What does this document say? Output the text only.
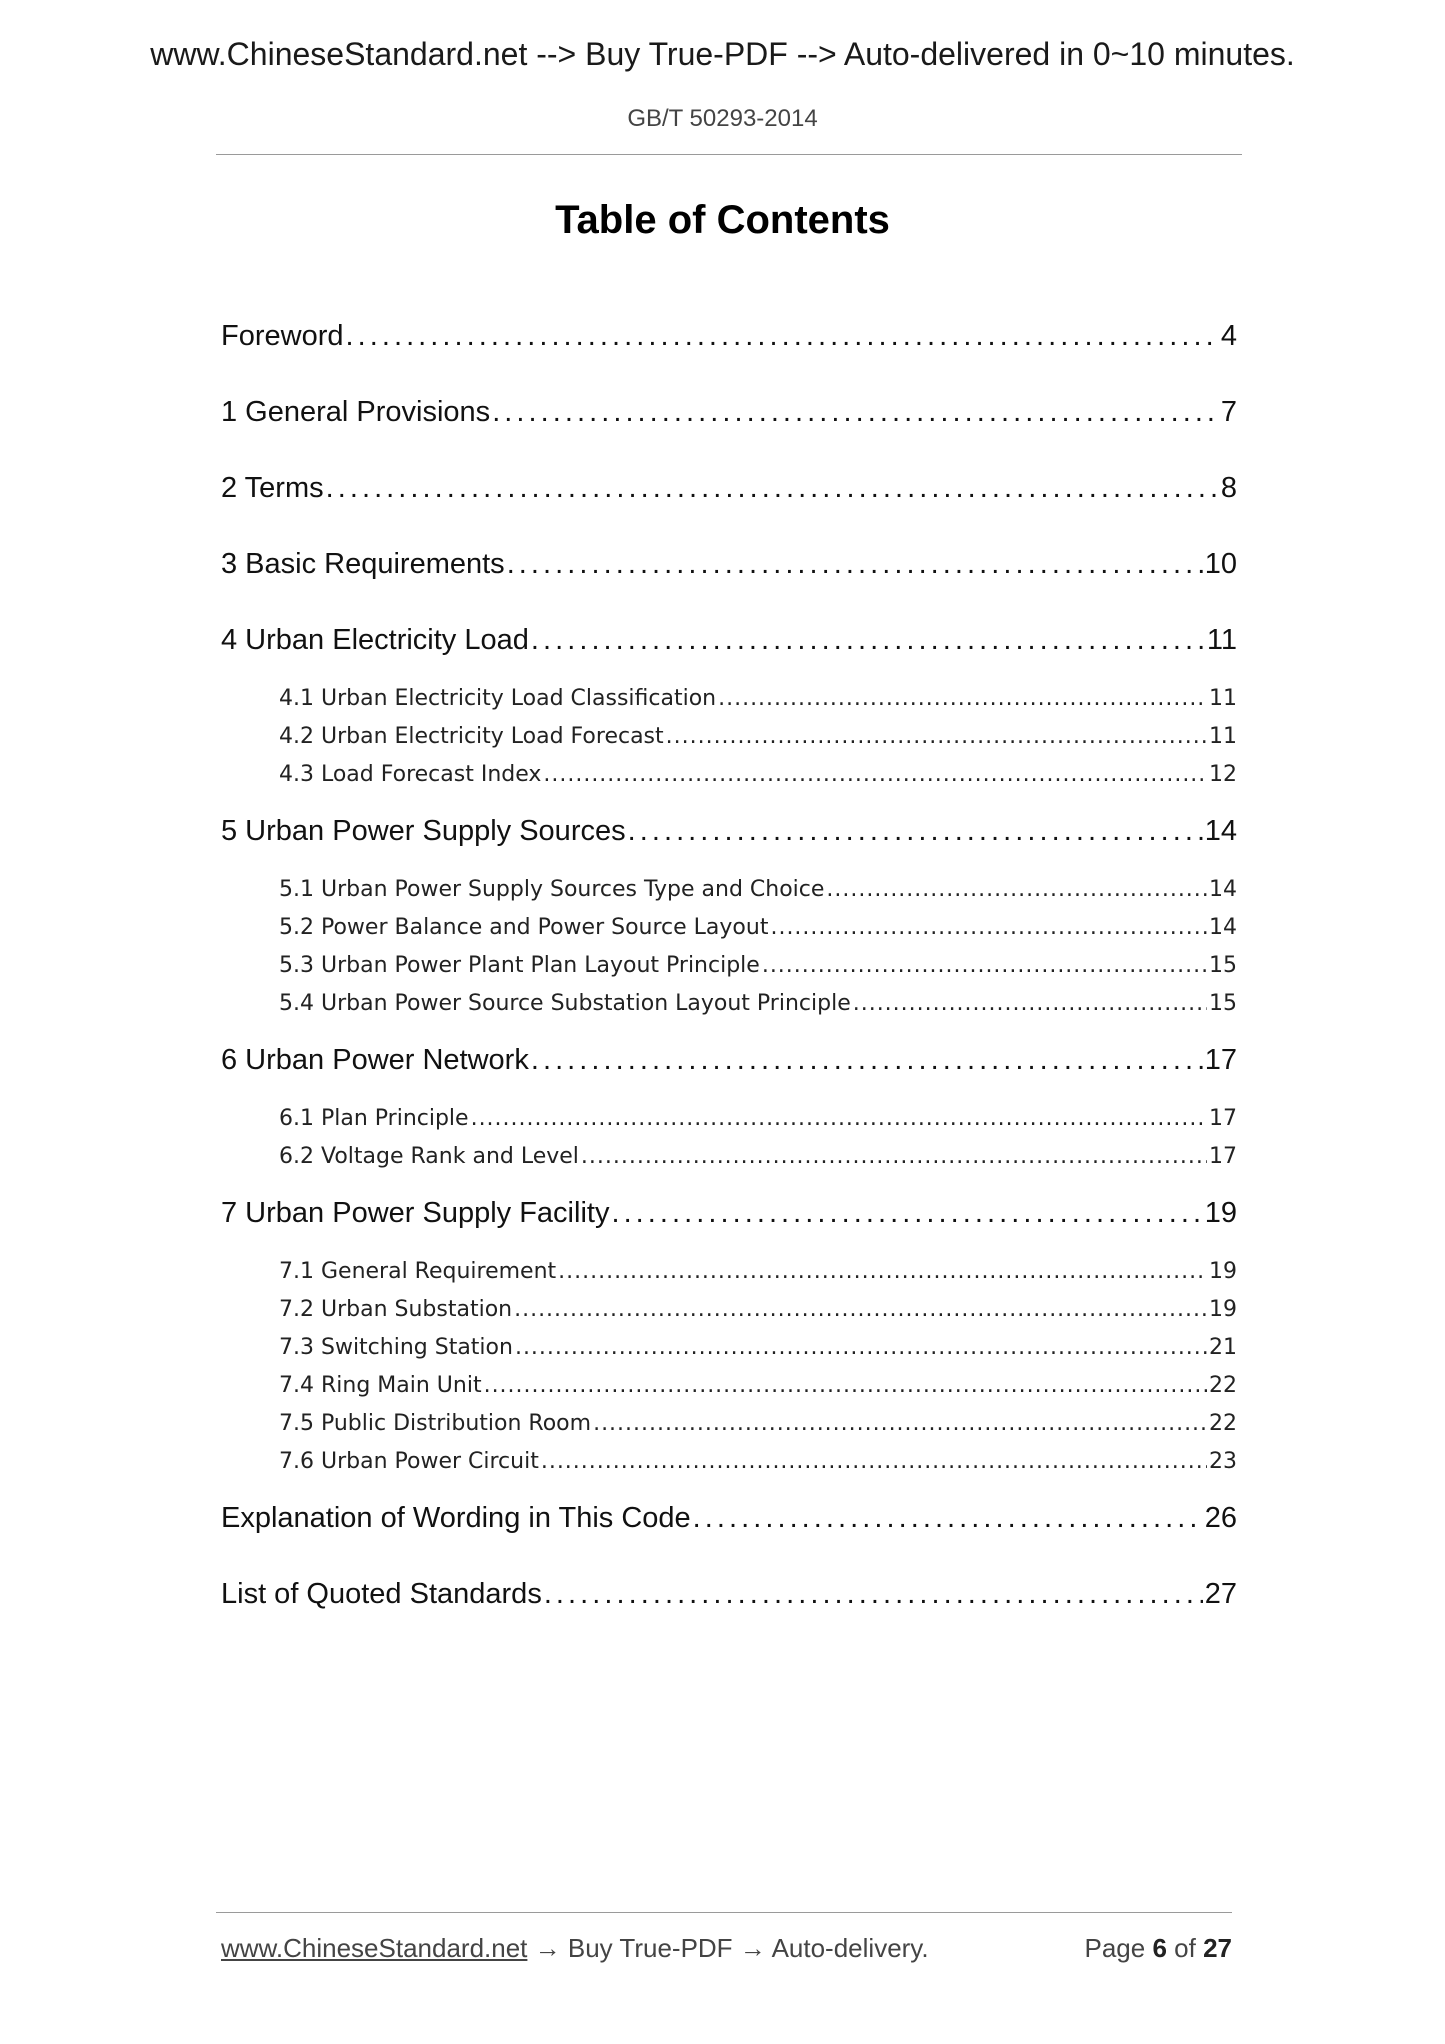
www.ChineseStandard.net --> Buy True-PDF --> Auto-delivered in 0~10 minutes.
GB/T 50293-2014
Table of Contents
Foreword . . .	4
1 General Provisions . . .	7
2 Terms . . .	8
3 Basic Requirements . . .	10
4 Urban Electricity Load . . .	11
4.1 Urban Electricity Load Classification . . .	11
4.2 Urban Electricity Load Forecast . . .	11
4.3 Load Forecast Index . . .	12
5 Urban Power Supply Sources . . .	14
5.1 Urban Power Supply Sources Type and Choice . . .	14
5.2 Power Balance and Power Source Layout . . .	14
5.3 Urban Power Plant Plan Layout Principle . . .	15
5.4 Urban Power Source Substation Layout Principle . . .	15
6 Urban Power Network . . .	17
6.1 Plan Principle . . .	17
6.2 Voltage Rank and Level . . .	17
7 Urban Power Supply Facility . . .	19
7.1 General Requirement . . .	19
7.2 Urban Substation . . .	19
7.3 Switching Station . . .	21
7.4 Ring Main Unit . . .	22
7.5 Public Distribution Room . . .	22
7.6 Urban Power Circuit . . .	23
Explanation of Wording in This Code . . .	26
List of Quoted Standards . . .	27
www.ChineseStandard.net → Buy True-PDF → Auto-delivery.	Page 6 of 27
